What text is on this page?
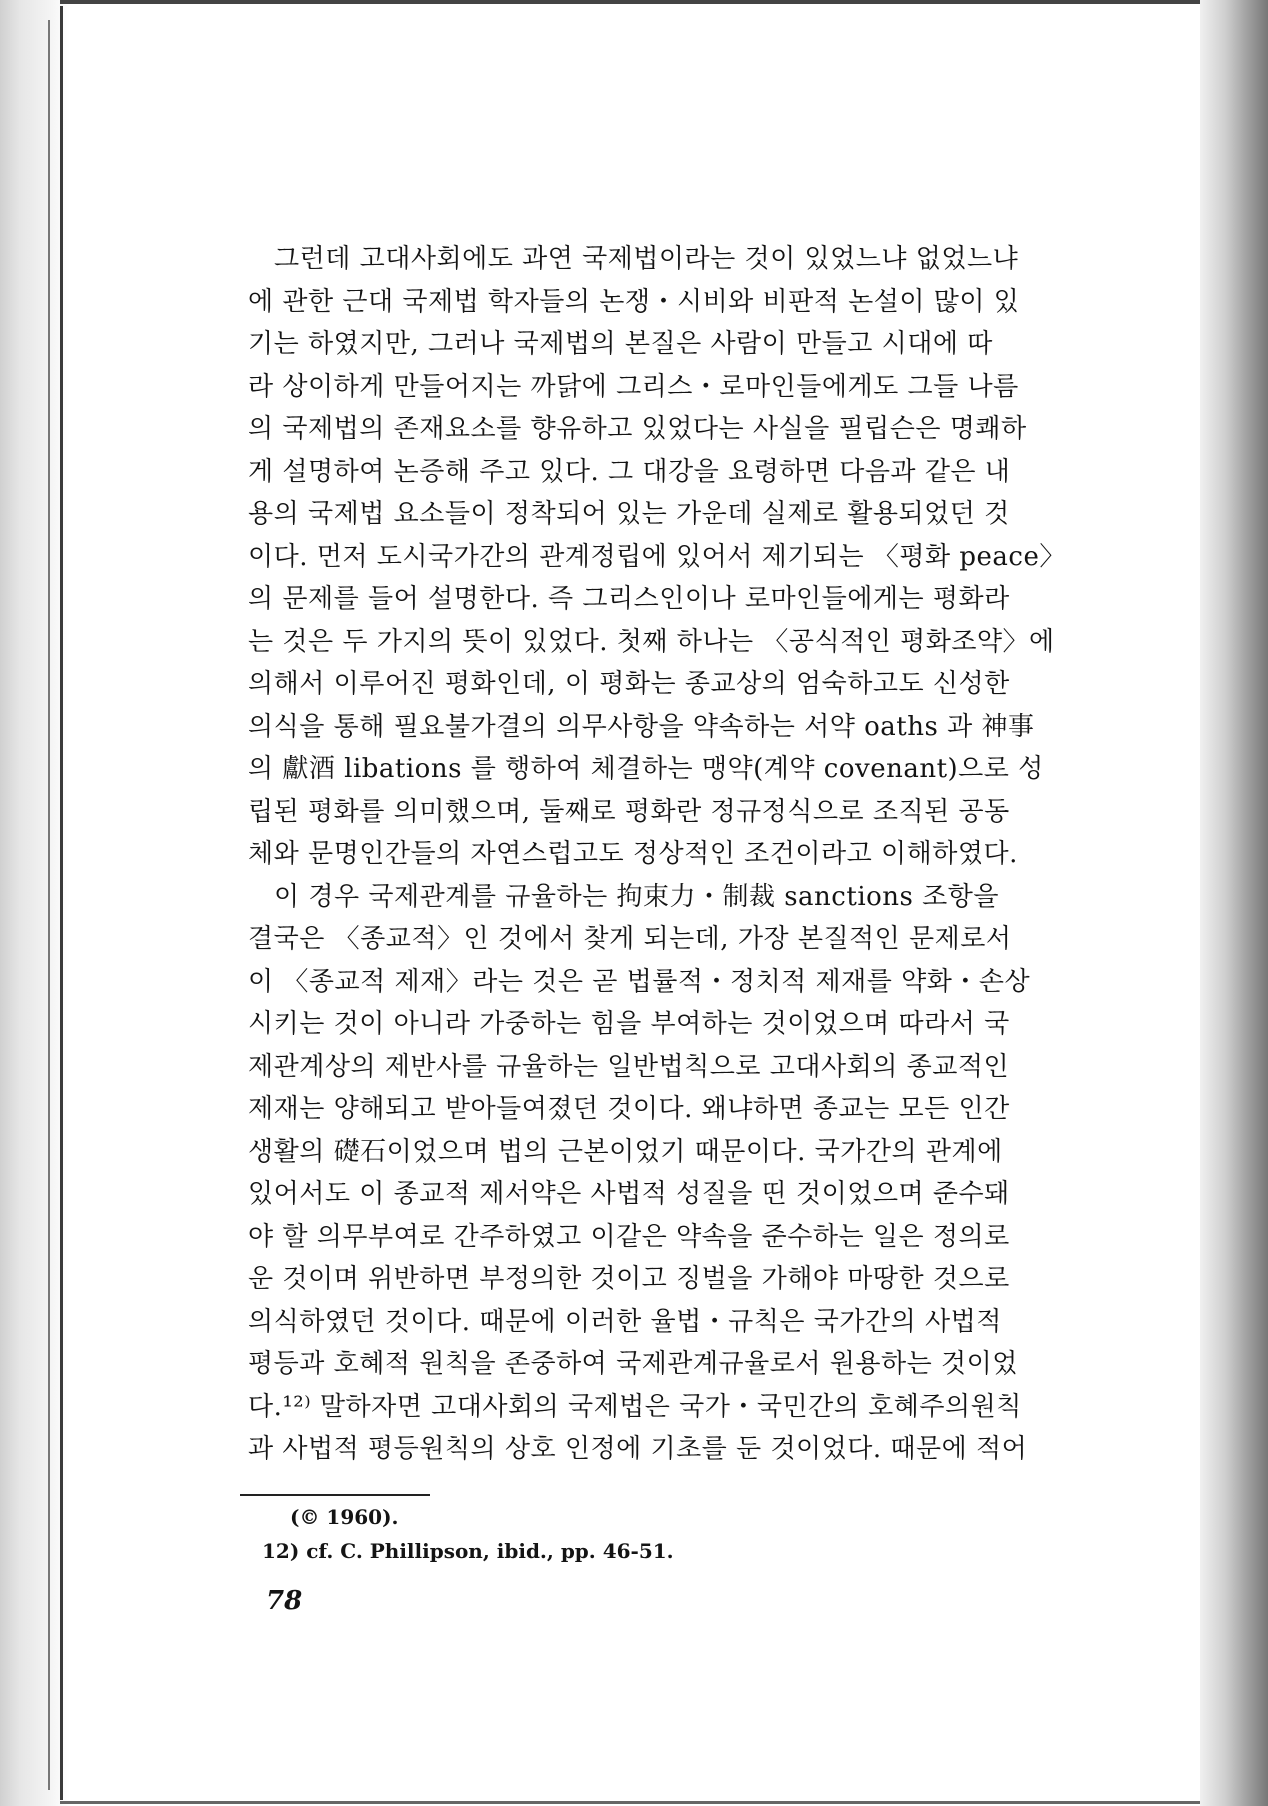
그런데 고대사회에도 과연 국제법이라는 것이 있었느냐 없었느냐
에 관한 근대 국제법 학자들의 논쟁・시비와 비판적 논설이 많이 있
기는 하였지만, 그러나 국제법의 본질은 사람이 만들고 시대에 따
라 상이하게 만들어지는 까닭에 그리스・로마인들에게도 그들 나름
의 국제법의 존재요소를 향유하고 있었다는 사실을 필립슨은 명쾌하
게 설명하여 논증해 주고 있다. 그 대강을 요령하면 다음과 같은 내
용의 국제법 요소들이 정착되어 있는 가운데 실제로 활용되었던 것
이다. 먼저 도시국가간의 관계정립에 있어서 제기되는 〈평화 peace〉
의 문제를 들어 설명한다. 즉 그리스인이나 로마인들에게는 평화라
는 것은 두 가지의 뜻이 있었다. 첫째 하나는 〈공식적인 평화조약〉에
의해서 이루어진 평화인데, 이 평화는 종교상의 엄숙하고도 신성한
의식을 통해 필요불가결의 의무사항을 약속하는 서약 oaths 과 神事
의 獻酒 libations 를 행하여 체결하는 맹약(계약 covenant)으로 성
립된 평화를 의미했으며, 둘째로 평화란 정규정식으로 조직된 공동
체와 문명인간들의 자연스럽고도 정상적인 조건이라고 이해하였다.
이 경우 국제관계를 규율하는 拘束力・制裁 sanctions 조항을
결국은 〈종교적〉인 것에서 찾게 되는데, 가장 본질적인 문제로서
이 〈종교적 제재〉라는 것은 곧 법률적・정치적 제재를 약화・손상
시키는 것이 아니라 가중하는 힘을 부여하는 것이었으며 따라서 국
제관계상의 제반사를 규율하는 일반법칙으로 고대사회의 종교적인
제재는 양해되고 받아들여졌던 것이다. 왜냐하면 종교는 모든 인간
생활의 礎石이었으며 법의 근본이었기 때문이다. 국가간의 관계에
있어서도 이 종교적 제서약은 사법적 성질을 띤 것이었으며 준수돼
야 할 의무부여로 간주하였고 이같은 약속을 준수하는 일은 정의로
운 것이며 위반하면 부정의한 것이고 징벌을 가해야 마땅한 것으로
의식하였던 것이다. 때문에 이러한 율법・규칙은 국가간의 사법적
평등과 호혜적 원칙을 존중하여 국제관계규율로서 원용하는 것이었
다.¹²⁾ 말하자면 고대사회의 국제법은 국가・국민간의 호혜주의원칙
과 사법적 평등원칙의 상호 인정에 기초를 둔 것이었다. 때문에 적어
(© 1960).
12) cf. C. Phillipson, ibid., pp. 46-51.
78
